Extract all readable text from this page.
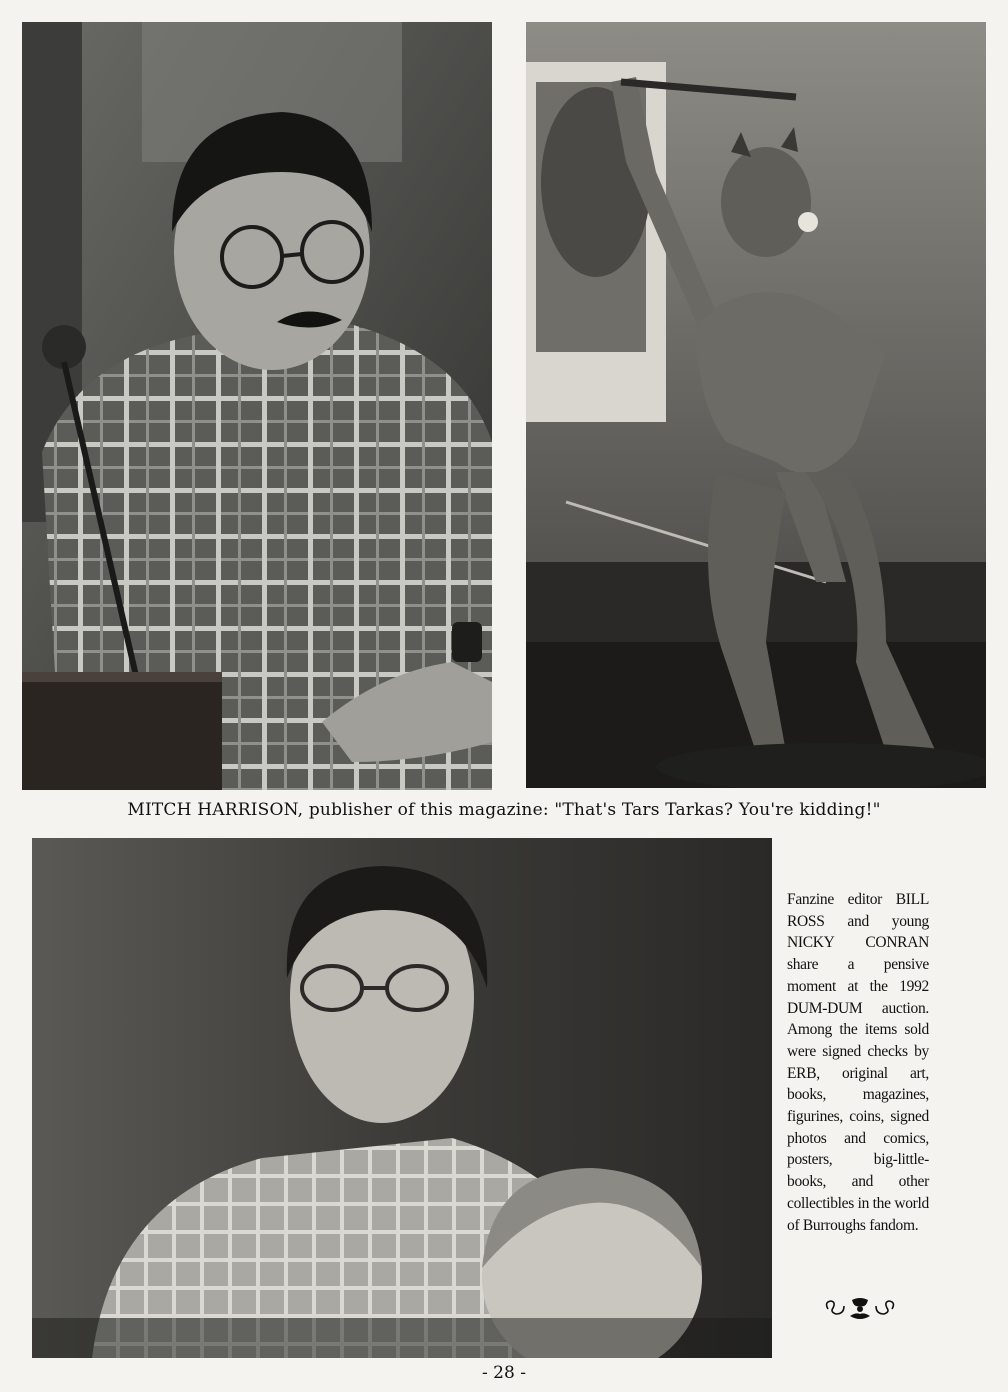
MITCH HARRISON, publisher of this magazine: "That's Tars Tarkas? You're kidding!"
Fanzine editor BILL ROSS and young NICKY CONRAN share a pensive moment at the 1992 DUM-DUM auction. Among the items sold were signed checks by ERB, original art, books, magazines, figurines, coins, signed photos and comics, posters, big-little-books, and other collectibles in the world of Burroughs fandom.
- 28 -
